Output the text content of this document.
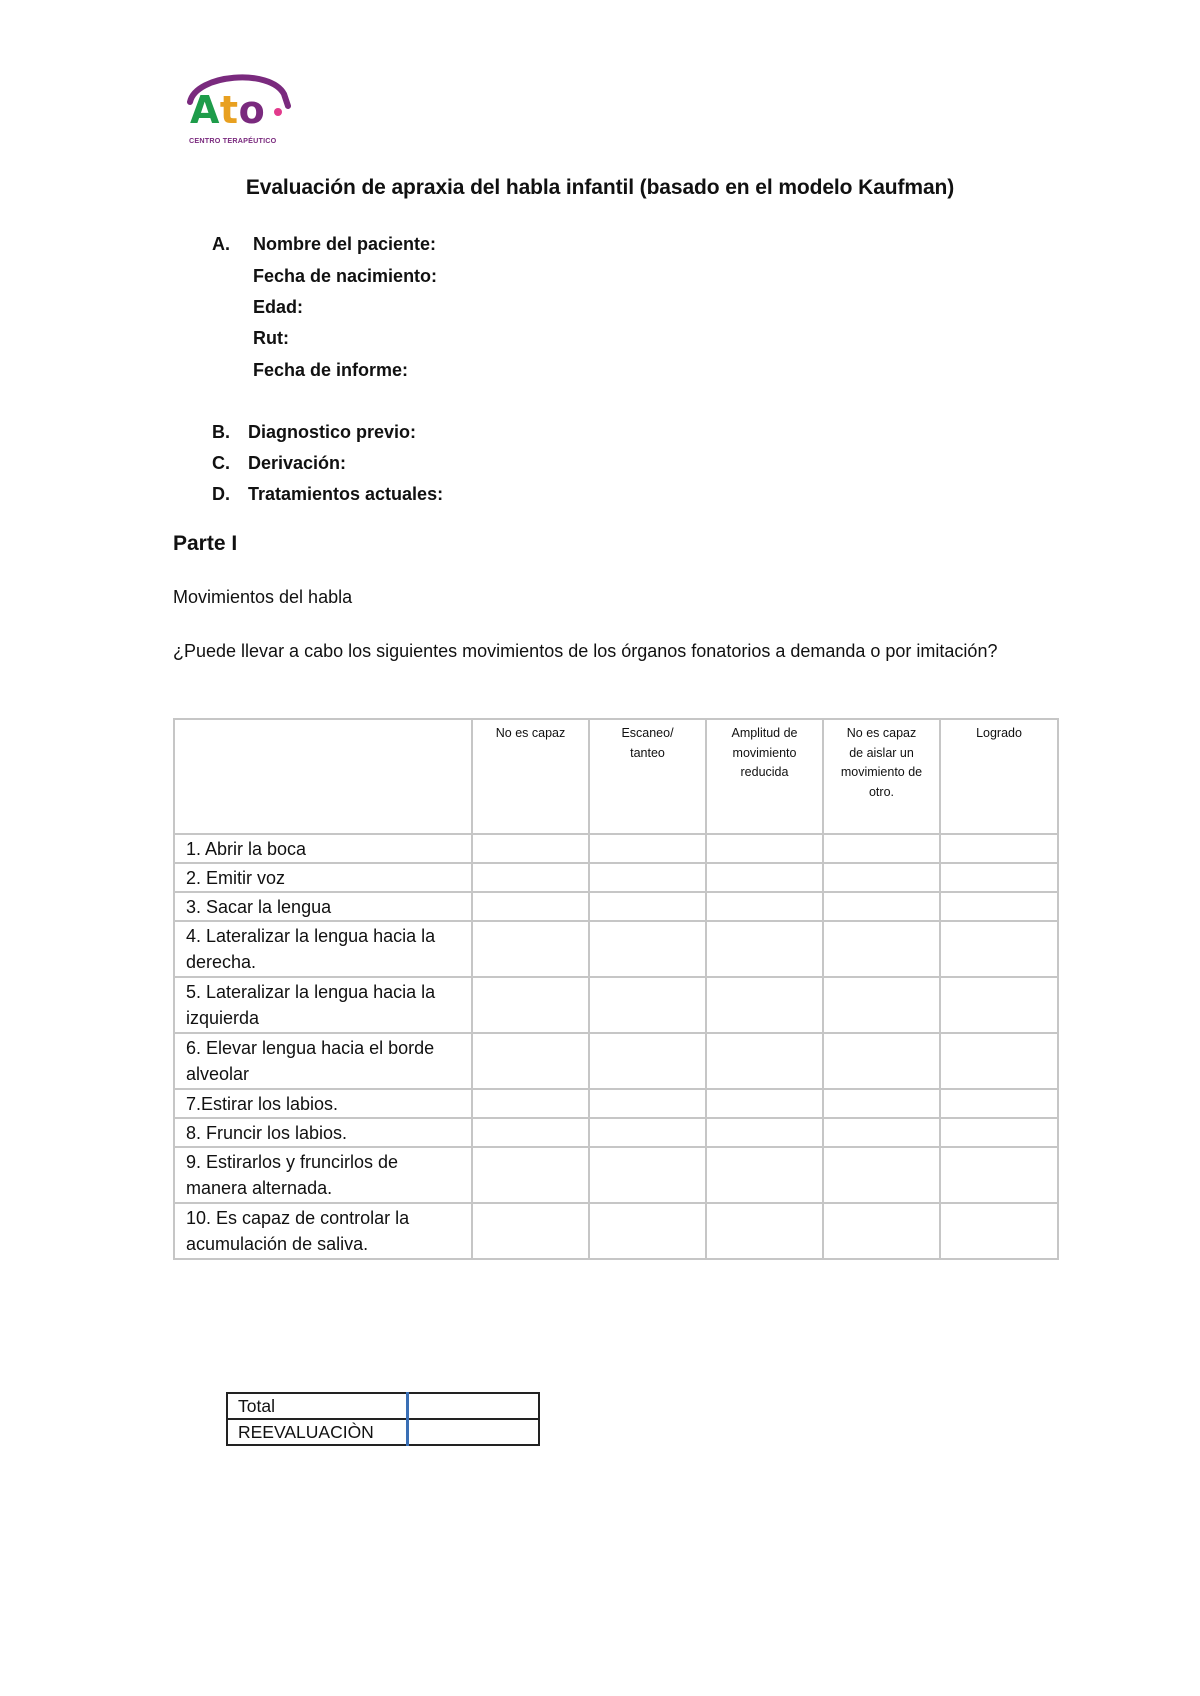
Ato
CENTRO TERAPÉUTICO
Evaluación de apraxia del habla infantil (basado en el modelo Kaufman)
A. Nombre del paciente:
Fecha de nacimiento:
Edad:
Rut:
Fecha de informe:
B. Diagnostico previo:
C. Derivación:
D. Tratamientos actuales:
Parte I
Movimientos del habla
¿Puede llevar a cabo los siguientes movimientos de los órganos fonatorios a demanda o por imitación?
	No es capaz	Escaneo/ tanteo	Amplitud de movimiento reducida	No es capaz de aislar un movimiento de otro.	Logrado
1. Abrir la boca					
2. Emitir voz					
3. Sacar la lengua					
4. Lateralizar la lengua hacia la derecha.					
5. Lateralizar la lengua hacia la izquierda					
6. Elevar lengua hacia el borde alveolar					
7.Estirar los labios.					
8. Fruncir los labios.					
9. Estirarlos y fruncirlos de manera alternada.					
10. Es capaz de controlar la acumulación de saliva.					
Total	
REEVALUACIÒN	
